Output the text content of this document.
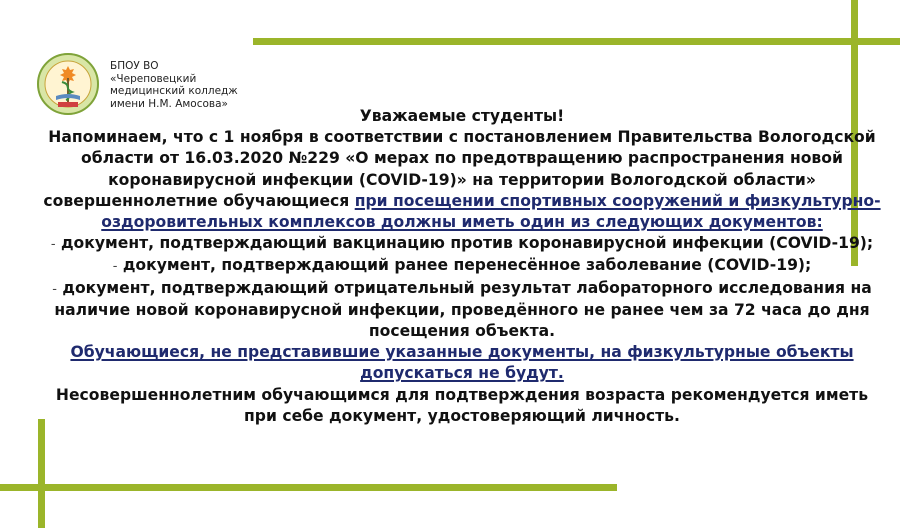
БПОУ ВО
«Череповецкий
медицинский колледж
имени Н.М. Амосова»

Уважаемые студенты!

Напоминаем, что с 1 ноября в соответствии с постановлением Правительства Вологодской области от 16.03.2020 №229 «О мерах по предотвращению распространения новой коронавирусной инфекции (COVID-19)» на территории Вологодской области» совершеннолетние обучающиеся при посещении спортивных сооружений и физкультурно-оздоровительных комплексов должны иметь один из следующих документов:

- документ, подтверждающий вакцинацию против коронавирусной инфекции (COVID-19);

- документ, подтверждающий ранее перенесённое заболевание (COVID-19);

- документ, подтверждающий отрицательный результат лабораторного исследования на наличие новой коронавирусной инфекции, проведённого не ранее чем за 72 часа до дня посещения объекта.

Обучающиеся, не представившие указанные документы, на физкультурные объекты допускаться не будут.

Несовершеннолетним обучающимся для подтверждения возраста рекомендуется иметь при себе документ, удостоверяющий личность.
